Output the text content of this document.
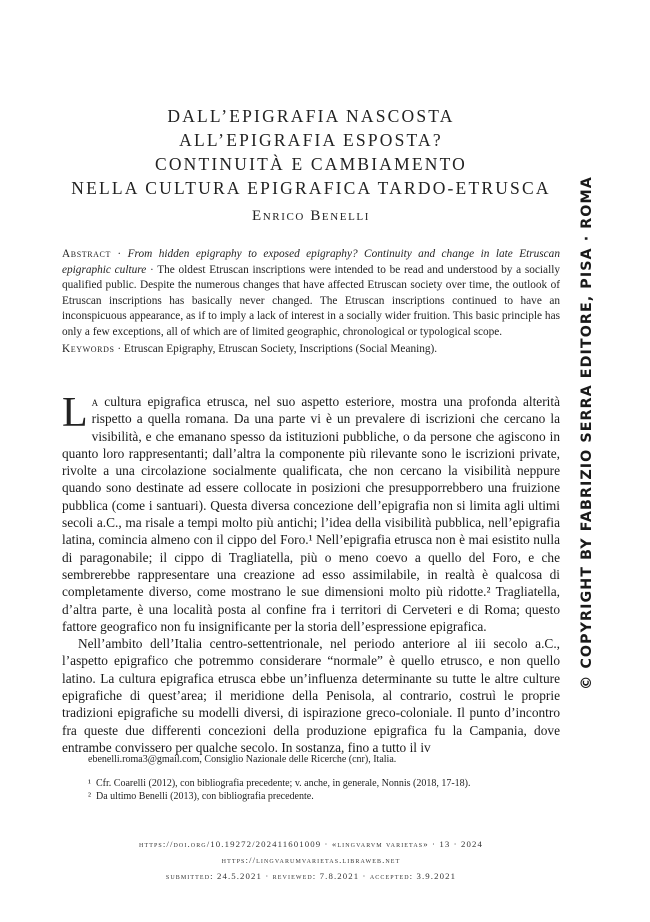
DALL’EPIGRAFIA NASCOSTA
ALL’EPIGRAFIA ESPOSTA?
CONTINUITÀ E CAMBIAMENTO
NELLA CULTURA EPIGRAFICA TARDO-ETRUSCA
Enrico Benelli
Abstract · From hidden epigraphy to exposed epigraphy? Continuity and change in late Etruscan epigraphic culture · The oldest Etruscan inscriptions were intended to be read and understood by a socially qualified public. Despite the numerous changes that have affected Etruscan society over time, the outlook of Etruscan inscriptions has basically never changed. The Etruscan inscriptions continued to have an inconspicuous appearance, as if to imply a lack of interest in a socially wider fruition. This basic principle has only a few exceptions, all of which are of limited geographic, chronological or typological scope.
Keywords · Etruscan Epigraphy, Etruscan Society, Inscriptions (Social Meaning).

La cultura epigrafica etrusca, nel suo aspetto esteriore, mostra una profonda alterità rispetto a quella romana. Da una parte vi è un prevalere di iscrizioni che cercano la visibilità, e che emanano spesso da istituzioni pubbliche, o da persone che agiscono in quanto loro rappresentanti; dall’altra la componente più rilevante sono le iscrizioni private, rivolte a una circolazione socialmente qualificata, che non cercano la visibilità neppure quando sono destinate ad essere collocate in posizioni che presupporrebbero una fruizione pubblica (come i santuari). Questa diversa concezione dell’epigrafia non si limita agli ultimi secoli a.C., ma risale a tempi molto più antichi; l’idea della visibilità pubblica, nell’epigrafia latina, comincia almeno con il cippo del Foro.¹ Nell’epigrafia etrusca non è mai esistito nulla di paragonabile; il cippo di Tragliatella, più o meno coevo a quello del Foro, e che sembrerebbe rappresentare una creazione ad esso assimilabile, in realtà è qualcosa di completamente diverso, come mostrano le sue dimensioni molto più ridotte.² Tragliatella, d’altra parte, è una località posta al confine fra i territori di Cerveteri e di Roma; questo fattore geografico non fu insignificante per la storia dell’espressione epigrafica.

Nell’ambito dell’Italia centro-settentrionale, nel periodo anteriore al iii secolo a.C., l’aspetto epigrafico che potremmo considerare “normale” è quello etrusco, e non quello latino. La cultura epigrafica etrusca ebbe un’influenza determinante su tutte le altre culture epigrafiche di quest’area; il meridione della Penisola, al contrario, costruì le proprie tradizioni epigrafiche su modelli diversi, di ispirazione greco-coloniale. Il punto d’incontro fra queste due differenti concezioni della produzione epigrafica fu la Campania, dove entrambe convissero per qualche secolo. In sostanza, fino a tutto il iv

ebenelli.roma3@gmail.com, Consiglio Nazionale delle Ricerche (cnr), Italia.
¹ Cfr. Coarelli (2012), con bibliografia precedente; v. anche, in generale, Nonnis (2018, 17-18).
² Da ultimo Benelli (2013), con bibliografia precedente.
https://doi.org/10.19272/202411601009 · «lingvarvm varietas» · 13 · 2024
https://lingvarumvarietas.libraweb.net
submitted: 24.5.2021 · reviewed: 7.8.2021 · accepted: 3.9.2021
© COPYRIGHT BY FABRIZIO SERRA EDITORE, PISA · ROMA
